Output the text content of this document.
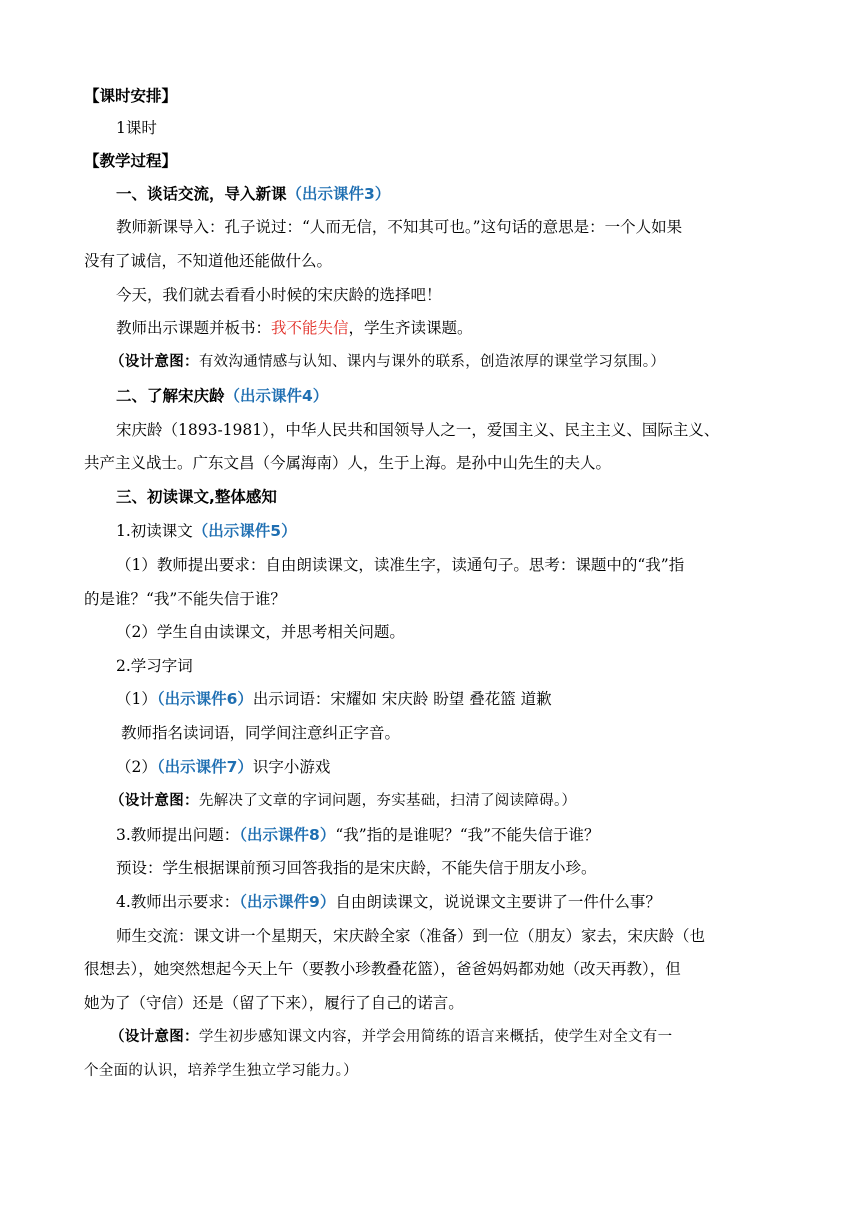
【课时安排】
1课时
【教学过程】
一、谈话交流，导入新课（出示课件3）
教师新课导入：孔子说过：“人而无信，不知其可也。”这句话的意思是：一个人如果
没有了诚信，不知道他还能做什么。
今天，我们就去看看小时候的宋庆龄的选择吧！
教师出示课题并板书：我不能失信，学生齐读课题。
（设计意图：有效沟通情感与认知、课内与课外的联系，创造浓厚的课堂学习氛围。）
二、了解宋庆龄（出示课件4）
宋庆龄（1893-1981），中华人民共和国领导人之一，爱国主义、民主主义、国际主义、
共产主义战士。广东文昌（今属海南）人，生于上海。是孙中山先生的夫人。
三、初读课文,整体感知
1.初读课文（出示课件5）
（1）教师提出要求：自由朗读课文，读准生字，读通句子。思考：课题中的“我”指
的是谁？“我”不能失信于谁？
（2）学生自由读课文，并思考相关问题。
2.学习字词
（1）（出示课件6）出示词语：宋耀如 宋庆龄 盼望 叠花篮 道歉
教师指名读词语，同学间注意纠正字音。
（2）（出示课件7）识字小游戏
（设计意图：先解决了文章的字词问题，夯实基础，扫清了阅读障碍。）
3.教师提出问题：（出示课件8）“我”指的是谁呢？“我”不能失信于谁？
预设：学生根据课前预习回答我指的是宋庆龄，不能失信于朋友小珍。
4.教师出示要求：（出示课件9）自由朗读课文，说说课文主要讲了一件什么事？
师生交流：课文讲一个星期天，宋庆龄全家（准备）到一位（朋友）家去，宋庆龄（也
很想去），她突然想起今天上午（要教小珍教叠花篮），爸爸妈妈都劝她（改天再教），但
她为了（守信）还是（留了下来），履行了自己的诺言。
（设计意图：学生初步感知课文内容，并学会用简练的语言来概括，使学生对全文有一
个全面的认识，培养学生独立学习能力。）
